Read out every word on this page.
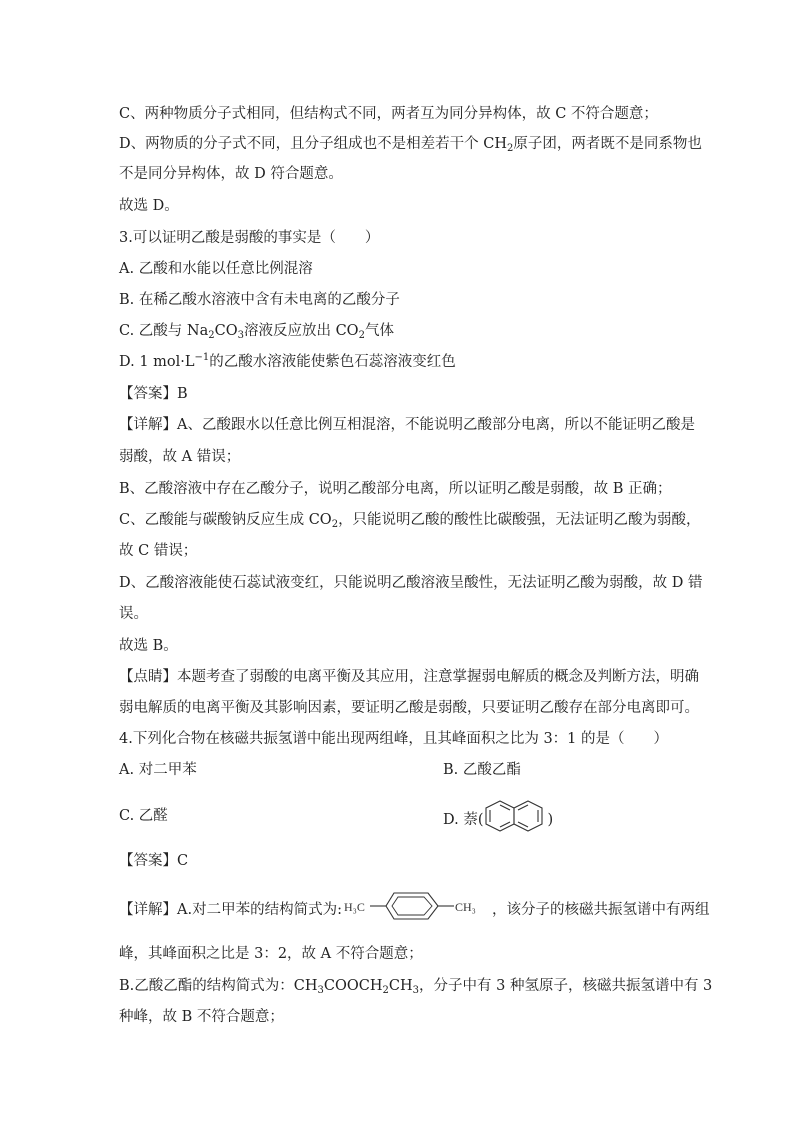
C、两种物质分子式相同，但结构式不同，两者互为同分异构体，故 C 不符合题意；
D、两物质的分子式不同，且分子组成也不是相差若干个 $CH_2$原子团，两者既不是同系物也
不是同分异构体，故 D 符合题意。
故选 D。
3.可以证明乙酸是弱酸的事实是（　　）
A. 乙酸和水能以任意比例混溶
B. 在稀乙酸水溶液中含有未电离的乙酸分子
C. 乙酸与 $Na_2CO_3$溶液反应放出 $CO_2$气体
D. 1 $mol\cdot L^{-1}$的乙酸水溶液能使紫色石蕊溶液变红色
【答案】B
【详解】A、乙酸跟水以任意比例互相混溶，不能说明乙酸部分电离，所以不能证明乙酸是
弱酸，故 A 错误；
B、乙酸溶液中存在乙酸分子，说明乙酸部分电离，所以证明乙酸是弱酸，故 B 正确；
C、乙酸能与碳酸钠反应生成 $CO_2$，只能说明乙酸的酸性比碳酸强，无法证明乙酸为弱酸，
故 C 错误；
D、乙酸溶液能使石蕊试液变红，只能说明乙酸溶液呈酸性，无法证明乙酸为弱酸，故 D 错
误。
故选 B。
【点睛】本题考查了弱酸的电离平衡及其应用，注意掌握弱电解质的概念及判断方法，明确
弱电解质的电离平衡及其影响因素，要证明乙酸是弱酸，只要证明乙酸存在部分电离即可。
4.下列化合物在核磁共振氢谱中能出现两组峰，且其峰面积之比为 3：1 的是（　　）
A. 对二甲苯	B. 乙酸乙酯
C. 乙醛	D. 萘(	)
【答案】C
【详解】A.对二甲苯的结构简式为: H₃C	CH₃ ，该分子的核磁共振氢谱中有两组
峰，其峰面积之比是 3：2，故 A 不符合题意；
B.乙酸乙酯的结构简式为：$CH_3COOCH_2CH_3$，分子中有 3 种氢原子，核磁共振氢谱中有 3
种峰，故 B 不符合题意；
